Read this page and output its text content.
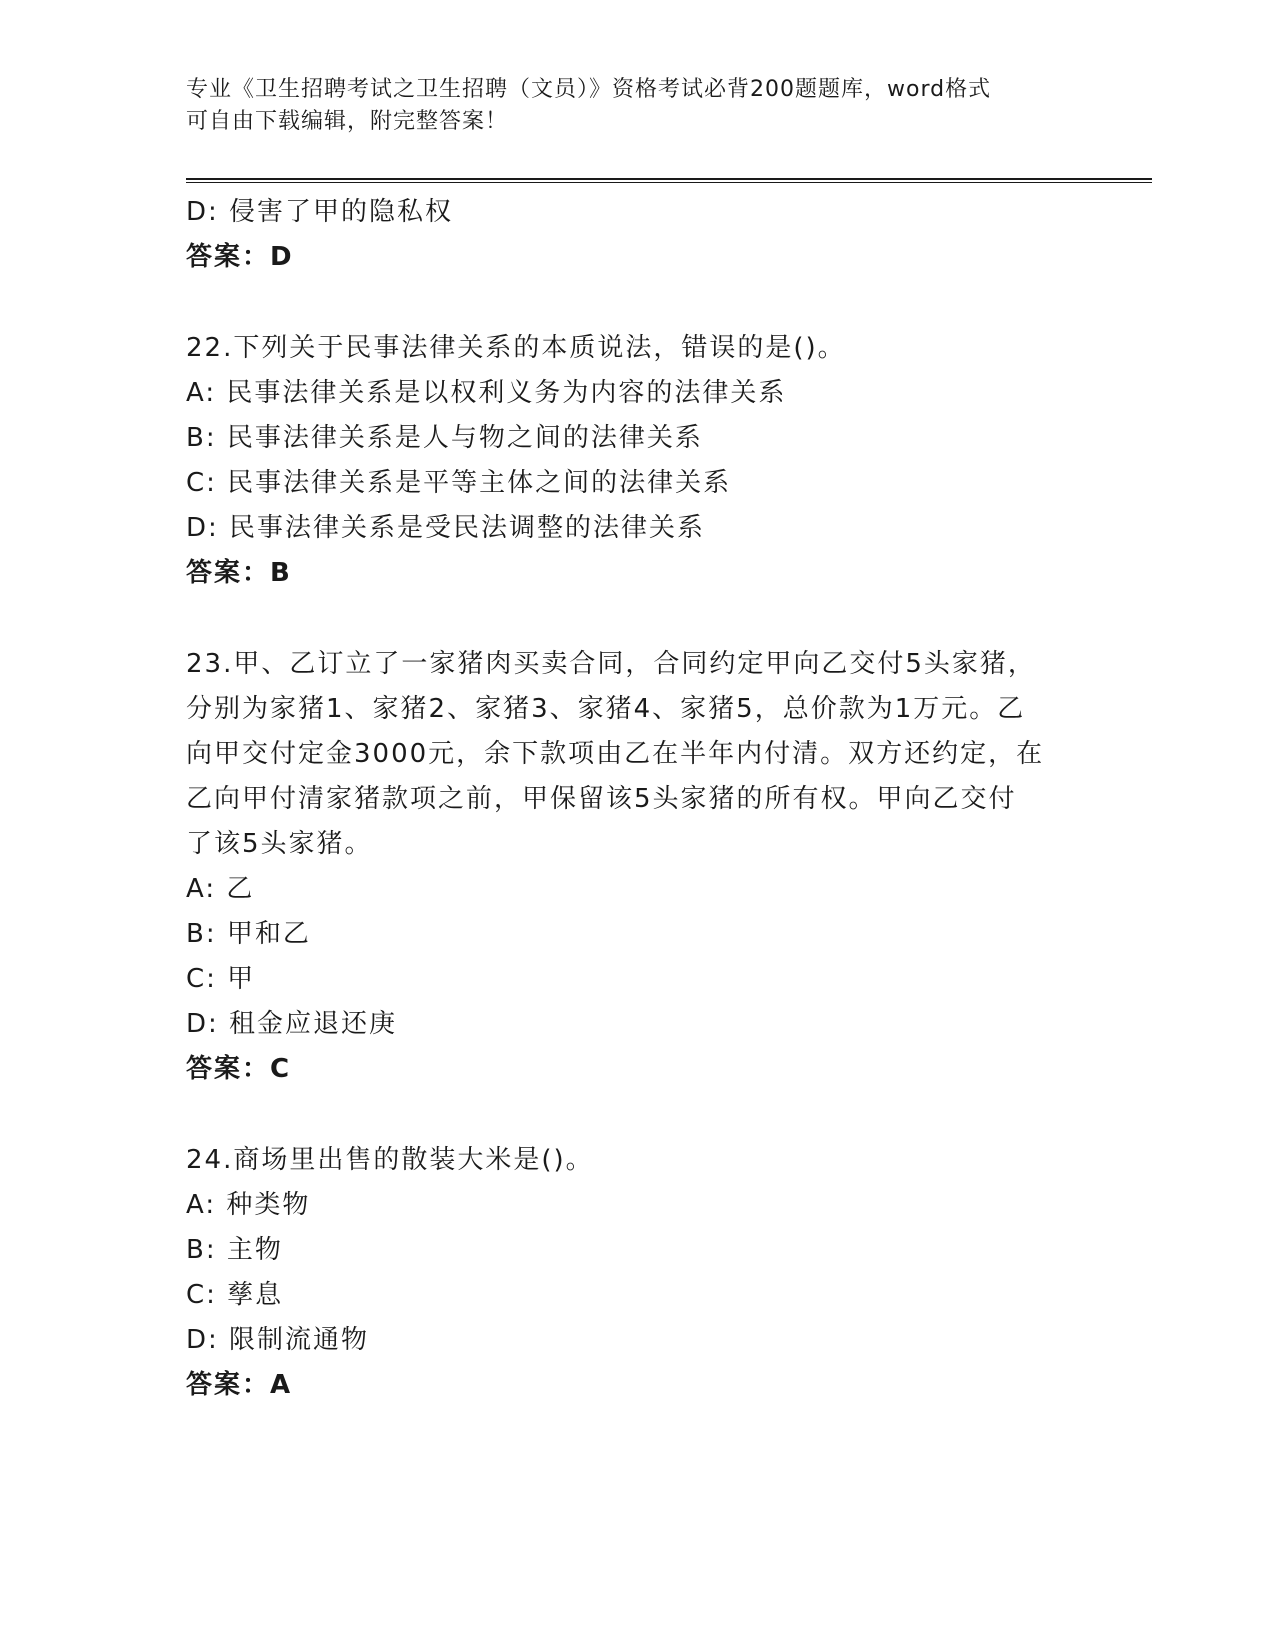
专业《卫生招聘考试之卫生招聘（文员）》资格考试必背200题题库，word格式
可自由下载编辑，附完整答案！
D: 侵害了甲的隐私权
答案：D
22.下列关于民事法律关系的本质说法，错误的是()。
A: 民事法律关系是以权利义务为内容的法律关系
B: 民事法律关系是人与物之间的法律关系
C: 民事法律关系是平等主体之间的法律关系
D: 民事法律关系是受民法调整的法律关系
答案：B
23.甲、乙订立了一家猪肉买卖合同，合同约定甲向乙交付5头家猪，
分别为家猪1、家猪2、家猪3、家猪4、家猪5，总价款为1万元。乙
向甲交付定金3000元，余下款项由乙在半年内付清。双方还约定，在
乙向甲付清家猪款项之前，甲保留该5头家猪的所有权。甲向乙交付
了该5头家猪。
A: 乙
B: 甲和乙
C: 甲
D: 租金应退还庚
答案：C
24.商场里出售的散装大米是()。
A: 种类物
B: 主物
C: 孳息
D: 限制流通物
答案：A
